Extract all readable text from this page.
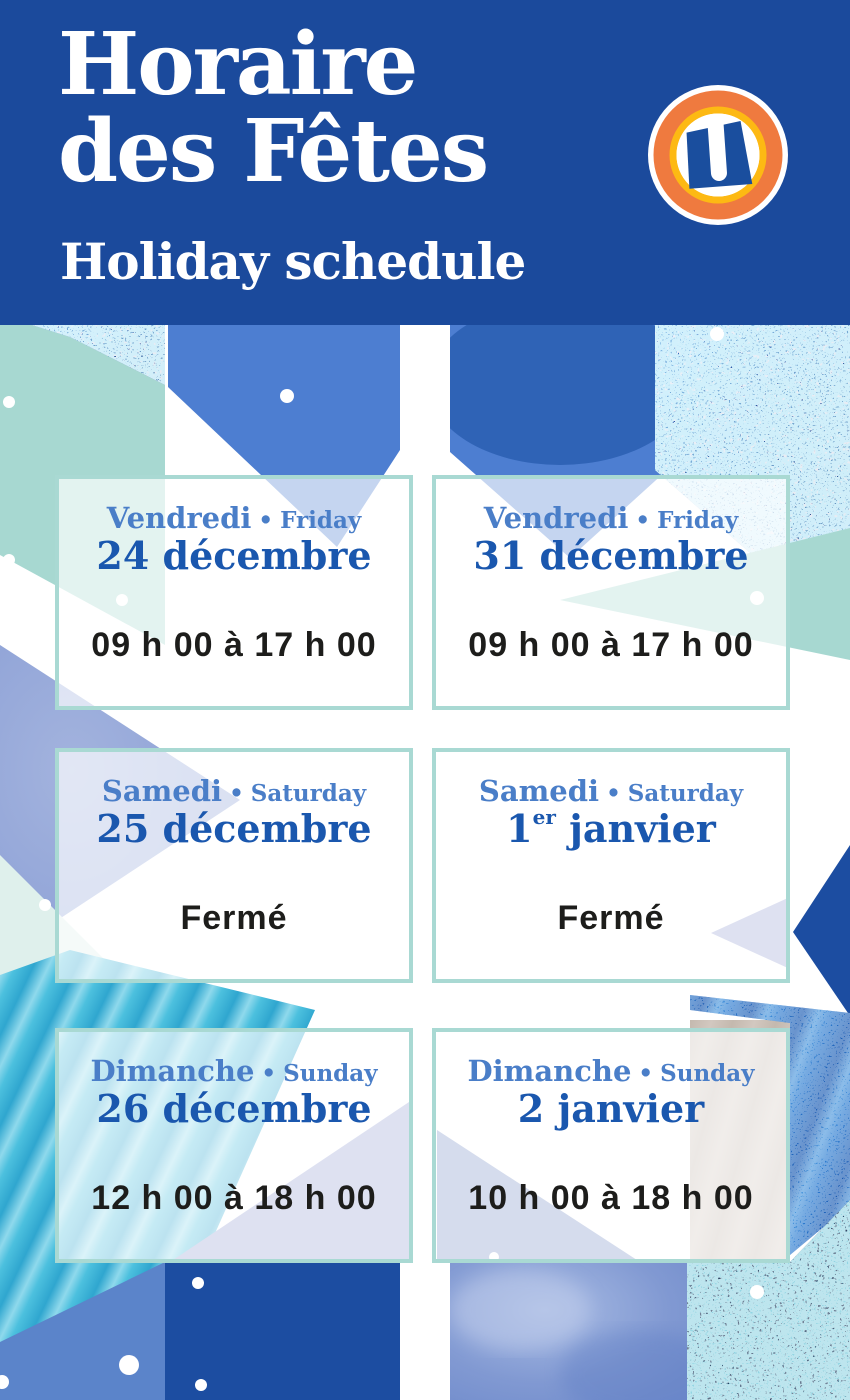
Horaire
des Fêtes
Holiday schedule
Vendredi • Friday
24 décembre
09 h 00 à 17 h 00
Vendredi • Friday
31 décembre
09 h 00 à 17 h 00
Samedi • Saturday
25 décembre
Fermé
Samedi • Saturday
1er janvier
Fermé
Dimanche • Sunday
26 décembre
12 h 00 à 18 h 00
Dimanche • Sunday
2 janvier
10 h 00 à 18 h 00
